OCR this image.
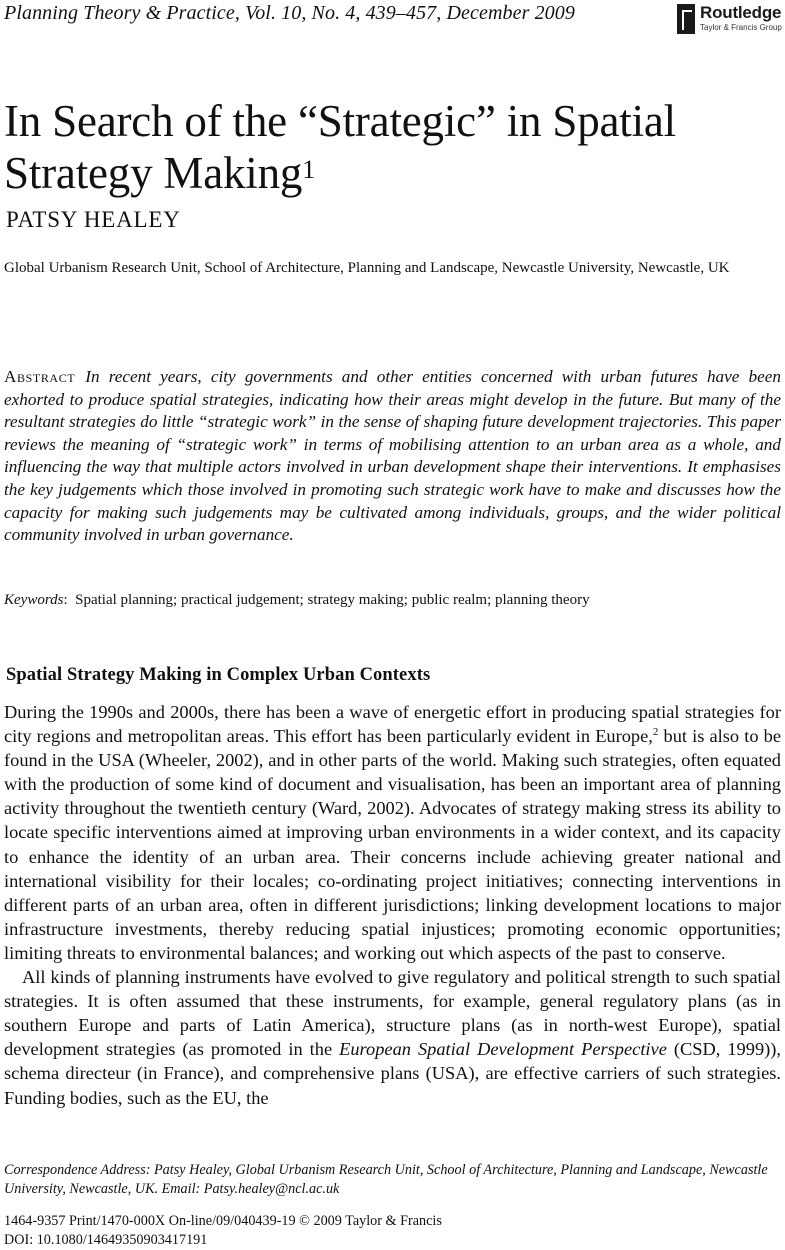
Planning Theory & Practice, Vol. 10, No. 4, 439–457, December 2009	Routledge
Taylor & Francis Group
In Search of the “Strategic” in Spatial Strategy Making$^1$
PATSY HEALEY
Global Urbanism Research Unit, School of Architecture, Planning and Landscape, Newcastle University, Newcastle, UK
Abstract In recent years, city governments and other entities concerned with urban futures have been exhorted to produce spatial strategies, indicating how their areas might develop in the future. But many of the resultant strategies do little “strategic work” in the sense of shaping future development trajectories. This paper reviews the meaning of “strategic work” in terms of mobilising attention to an urban area as a whole, and influencing the way that multiple actors involved in urban development shape their interventions. It emphasises the key judgements which those involved in promoting such strategic work have to make and discusses how the capacity for making such judgements may be cultivated among individuals, groups, and the wider political community involved in urban governance.
Keywords:  Spatial planning; practical judgement; strategy making; public realm; planning theory
Spatial Strategy Making in Complex Urban Contexts

During the 1990s and 2000s, there has been a wave of energetic effort in producing spatial strategies for city regions and metropolitan areas. This effort has been particularly evident in Europe,$^2$ but is also to be found in the USA (Wheeler, 2002), and in other parts of the world. Making such strategies, often equated with the production of some kind of document and visualisation, has been an important area of planning activity throughout the twentieth century (Ward, 2002). Advocates of strategy making stress its ability to locate specific interventions aimed at improving urban environments in a wider context, and its capacity to enhance the identity of an urban area. Their concerns include achieving greater national and international visibility for their locales; co-ordinating project initiatives; connecting interventions in different parts of an urban area, often in different jurisdictions; linking development locations to major infrastructure investments, thereby reducing spatial injustices; promoting economic opportunities; limiting threats to environmental balances; and working out which aspects of the past to conserve.

All kinds of planning instruments have evolved to give regulatory and political strength to such spatial strategies. It is often assumed that these instruments, for example, general regulatory plans (as in southern Europe and parts of Latin America), structure plans (as in north-west Europe), spatial development strategies (as promoted in the European Spatial Development Perspective (CSD, 1999)), schema directeur (in France), and comprehensive plans (USA), are effective carriers of such strategies. Funding bodies, such as the EU, the

Correspondence Address: Patsy Healey, Global Urbanism Research Unit, School of Architecture, Planning and Landscape, Newcastle University, Newcastle, UK. Email: Patsy.healey@ncl.ac.uk
1464-9357 Print/1470-000X On-line/09/040439-19 © 2009 Taylor & Francis
DOI: 10.1080/14649350903417191
